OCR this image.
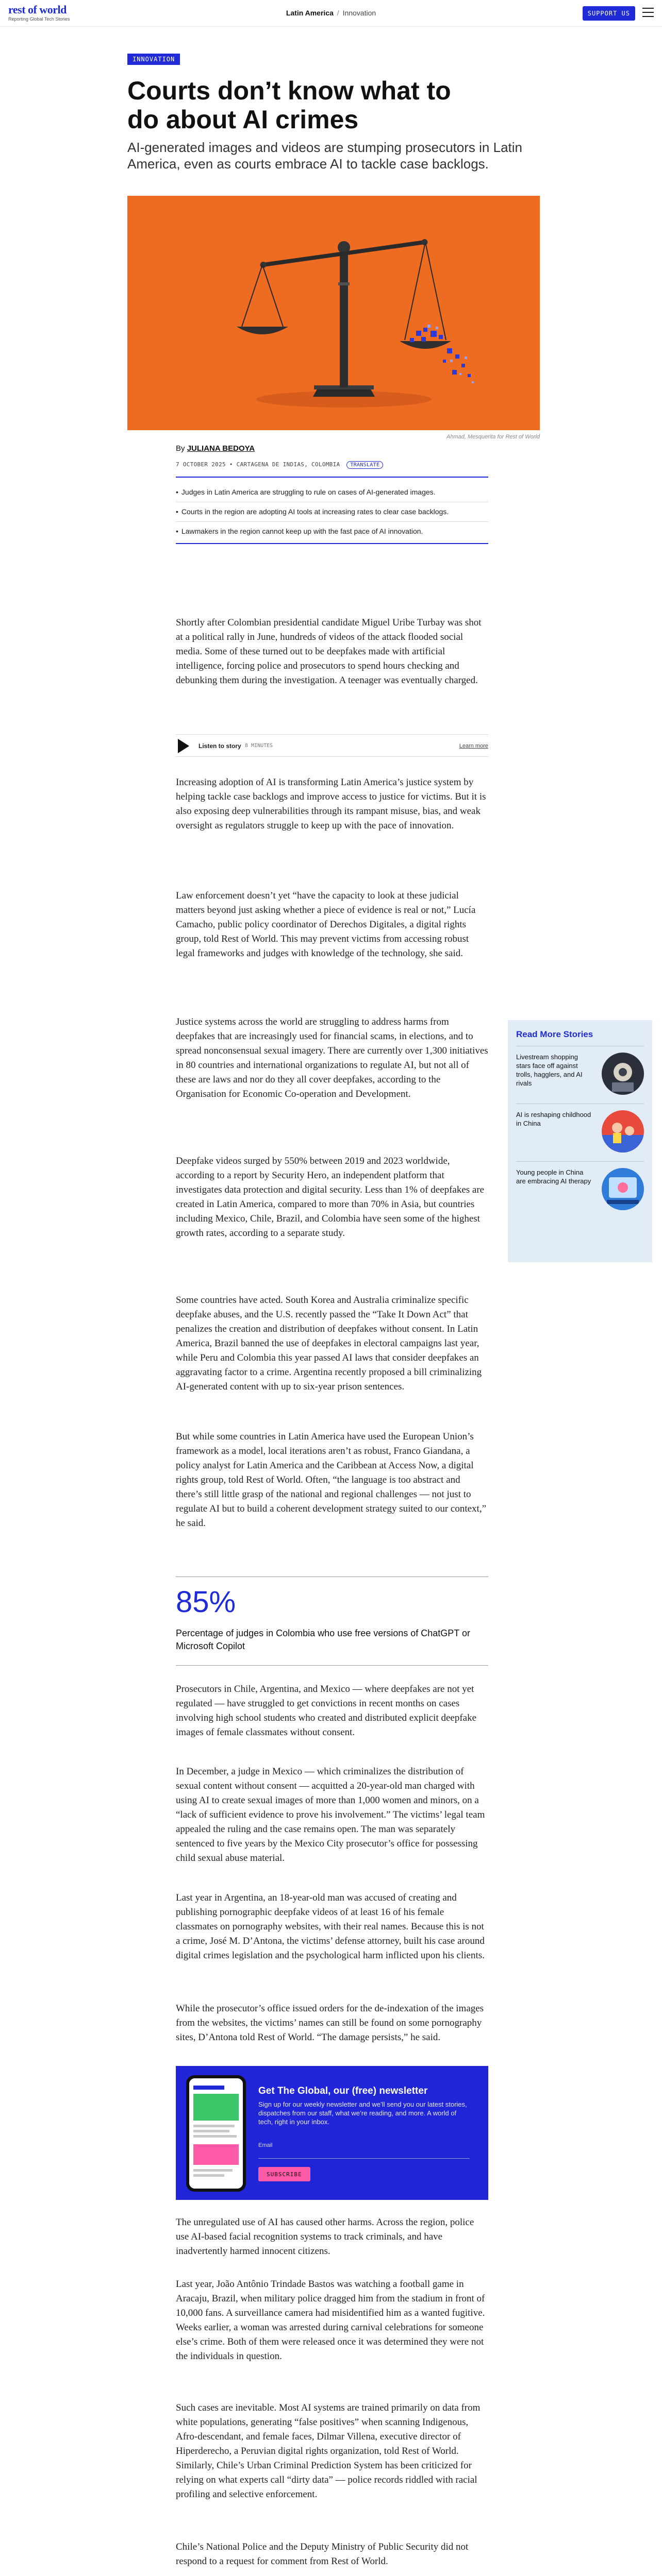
rest of world
Reporting Global Tech Stories
Latin America / Innovation	SUPPORT US
INNOVATION
Courts don’t know what to do about AI crimes
AI-generated images and videos are stumping prosecutors in Latin America, even as courts embrace AI to tackle case backlogs.
Ahmad, Mesquerita for Rest of World
By JULIANA BEDOYA
7 OCTOBER 2025 • CARTAGENA DE INDIAS, COLOMBIA TRANSLATE
• Judges in Latin America are struggling to rule on cases of AI-generated images.
• Courts in the region are adopting AI tools at increasing rates to clear case backlogs.
• Lawmakers in the region cannot keep up with the fast pace of AI innovation.

Shortly after Colombian presidential candidate Miguel Uribe Turbay was shot at a political rally in June, hundreds of videos of the attack flooded social media. Some of these turned out to be deepfakes made with artificial intelligence, forcing police and prosecutors to spend hours checking and debunking them during the investigation. A teenager was eventually charged.

Listen to story 8 MINUTES	Learn more

Increasing adoption of AI is transforming Latin America’s justice system by helping tackle case backlogs and improve access to justice for victims. But it is also exposing deep vulnerabilities through its rampant misuse, bias, and weak oversight as regulators struggle to keep up with the pace of innovation.

Law enforcement doesn’t yet “have the capacity to look at these judicial matters beyond just asking whether a piece of evidence is real or not,” Lucía Camacho, public policy coordinator of Derechos Digitales, a digital rights group, told Rest of World. This may prevent victims from accessing robust legal frameworks and judges with knowledge of the technology, she said.

Justice systems across the world are struggling to address harms from deepfakes that are increasingly used for financial scams, in elections, and to spread nonconsensual sexual imagery. There are currently over 1,300 initiatives in 80 countries and international organizations to regulate AI, but not all of these are laws and nor do they all cover deepfakes, according to the Organisation for Economic Co-operation and Development.

Deepfake videos surged by 550% between 2019 and 2023 worldwide, according to a report by Security Hero, an independent platform that investigates data protection and digital security. Less than 1% of deepfakes are created in Latin America, compared to more than 70% in Asia, but countries including Mexico, Chile, Brazil, and Colombia have seen some of the highest growth rates, according to a separate study.

Some countries have acted. South Korea and Australia criminalize specific deepfake abuses, and the U.S. recently passed the “Take It Down Act” that penalizes the creation and distribution of deepfakes without consent. In Latin America, Brazil banned the use of deepfakes in electoral campaigns last year, while Peru and Colombia this year passed AI laws that consider deepfakes an aggravating factor to a crime. Argentina recently proposed a bill criminalizing AI-generated content with up to six-year prison sentences.

But while some countries in Latin America have used the European Union’s framework as a model, local iterations aren’t as robust, Franco Giandana, a policy analyst for Latin America and the Caribbean at Access Now, a digital rights group, told Rest of World. Often, “the language is too abstract and there’s still little grasp of the national and regional challenges — not just to regulate AI but to build a coherent development strategy suited to our context,” he said.

Read More Stories
Livestream shopping stars face off against trolls, hagglers, and AI rivals
AI is reshaping childhood in China
Young people in China are embracing AI therapy
85%
Percentage of judges in Colombia who use free versions of ChatGPT or Microsoft Copilot

Prosecutors in Chile, Argentina, and Mexico — where deepfakes are not yet regulated — have struggled to get convictions in recent months on cases involving high school students who created and distributed explicit deepfake images of female classmates without consent.

In December, a judge in Mexico — which criminalizes the distribution of sexual content without consent — acquitted a 20-year-old man charged with using AI to create sexual images of more than 1,000 women and minors, on a “lack of sufficient evidence to prove his involvement.” The victims’ legal team appealed the ruling and the case remains open. The man was separately sentenced to five years by the Mexico City prosecutor’s office for possessing child sexual abuse material.

Last year in Argentina, an 18-year-old man was accused of creating and publishing pornographic deepfake videos of at least 16 of his female classmates on pornography websites, with their real names. Because this is not a crime, José M. D’Antona, the victims’ defense attorney, built his case around digital crimes legislation and the psychological harm inflicted upon his clients.

While the prosecutor’s office issued orders for the de-indexation of the images from the websites, the victims’ names can still be found on some pornography sites, D’Antona told Rest of World. “The damage persists,” he said.

Get The Global, our (free) newsletter
Sign up for our weekly newsletter and we’ll send you our latest stories, dispatches from our staff, what we’re reading, and more. A world of tech, right in your inbox.
Email
SUBSCRIBE

The unregulated use of AI has caused other harms. Across the region, police use AI-based facial recognition systems to track criminals, and have inadvertently harmed innocent citizens.

Last year, João Antônio Trindade Bastos was watching a football game in Aracaju, Brazil, when military police dragged him from the stadium in front of 10,000 fans. A surveillance camera had misidentified him as a wanted fugitive. Weeks earlier, a woman was arrested during carnival celebrations for someone else’s crime. Both of them were released once it was determined they were not the individuals in question.

Such cases are inevitable. Most AI systems are trained primarily on data from white populations, generating “false positives” when scanning Indigenous, Afro-descendant, and female faces, Dilmar Villena, executive director of Hiperderecho, a Peruvian digital rights organization, told Rest of World. Similarly, Chile’s Urban Criminal Prediction System has been criticized for relying on what experts call “dirty data” — police records riddled with racial profiling and selective enforcement.

Chile’s National Police and the Deputy Ministry of Public Security did not respond to a request for comment from Rest of World.
